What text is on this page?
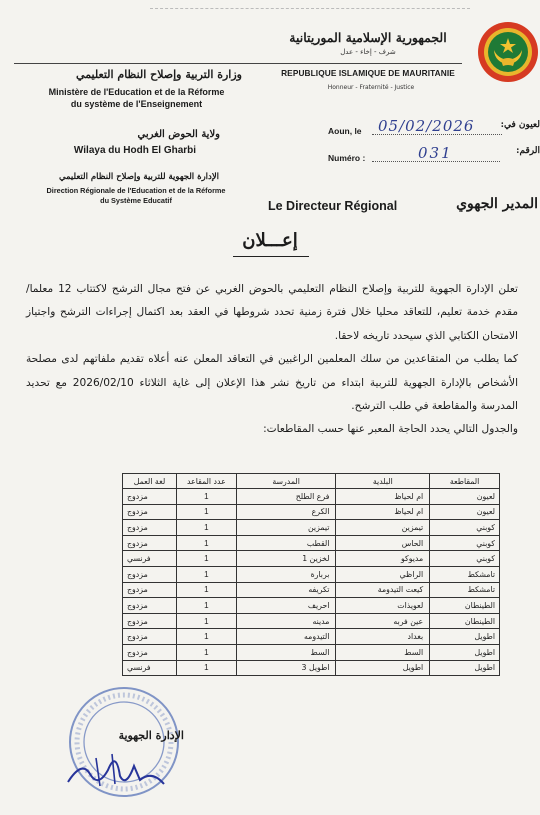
الجمهورية الإسلامية الموريتانية
شرف - إخاء - عدل
REPUBLIQUE ISLAMIQUE DE MAURITANIE
Honneur - Fraternité - Justice
وزارة التربية وإصلاح النظام التعليمي
Ministère de l'Education et de la Réforme
du système de l'Enseignement
ولاية الحوض الغربي
Wilaya du Hodh El Gharbi
الإدارة الجهوية للتربية وإصلاح النظام التعليمي
Direction Régionale de l'Education et de la Réforme
du Système Educatif
Aoun, le 05/02/2026	لعيون في:
Numéro :	031	الرقم:
Le Directeur Régional	المدير الجهوي
إعـــلان

تعلن الإدارة الجهوية للتربية وإصلاح النظام التعليمي بالحوض الغربي عن فتح مجال الترشح لاكتتاب 12 معلما/مقدم خدمة تعليم، للتعاقد محليا خلال فترة زمنية تحدد شروطها في العقد بعد اكتمال إجراءات الترشح واجتياز الامتحان الكتابي الذي سيحدد تاريخه لاحقا.

كما يطلب من المتقاعدين من سلك المعلمين الراغبين في التعاقد المعلن عنه أعلاه تقديم ملفاتهم لدى مصلحة الأشخاص بالإدارة الجهوية للتربية ابتداء من تاريخ نشر هذا الإعلان إلى غاية الثلاثاء 2026/02/10 مع تحديد المدرسة والمقاطعة في طلب الترشح.

والجدول التالي يحدد الحاجة المعبر عنها حسب المقاطعات:

المقاطعة	البلدية	المدرسة	عدد المقاعد	لغة العمل
لعيون	ام لحياظ	فرع الطلح	1	مزدوج
لعيون	ام لحياظ	الكرع	1	مزدوج
كوبني	تيمزين	تيمزين	1	مزدوج
كوبني	الحاس	القطب	1	مزدوج
كوبني	مديوكو	لخزين 1	1	فرنسي
تامشكط	الراظي	بربارة	1	مزدوج
تامشكط	كيعت التيدومة	تكريفه	1	مزدوج
الطينطان	لعويذات	احريف	1	مزدوج
الطينطان	عين فربه	مدينه	1	مزدوج
اطويل	بغداد	التيدومه	1	مزدوج
اطويل	السط	السط	1	مزدوج
اطويل	اطويل	اطويل 3	1	فرنسي
الإدارة الجهوية
